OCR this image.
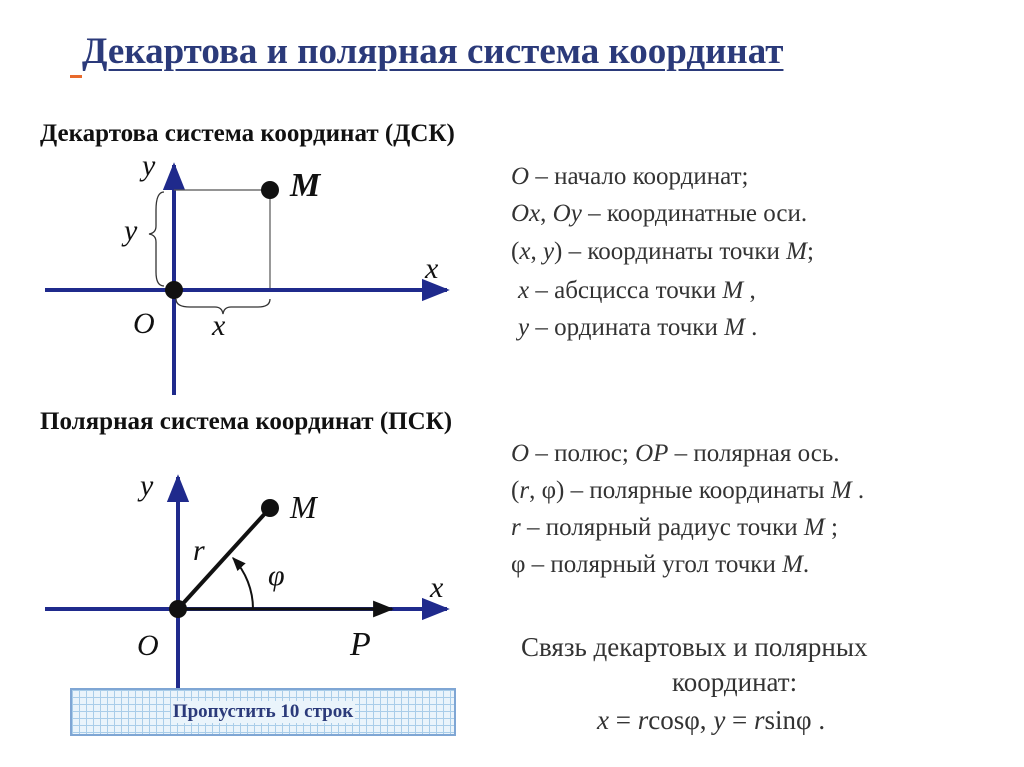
Декартова и полярная система координат
Декартова система координат (ДСК)
Полярная система координат (ПСК)
y
x
O
M
y
x
y
x
O
M
r
φ
P
O – начало координат;
Ox, Oy – координатные оси.
(x, y) – координаты точки M;
x – абсцисса точки M ,
y – ордината точки M .
O – полюс; OP – полярная ось.
(r, φ) – полярные координаты M .
r – полярный радиус точки M ;
φ – полярный угол точки M.
Связь декартовых и полярных
координат:
x = rcosφ, y = rsinφ .
Пропустить 10 строк
